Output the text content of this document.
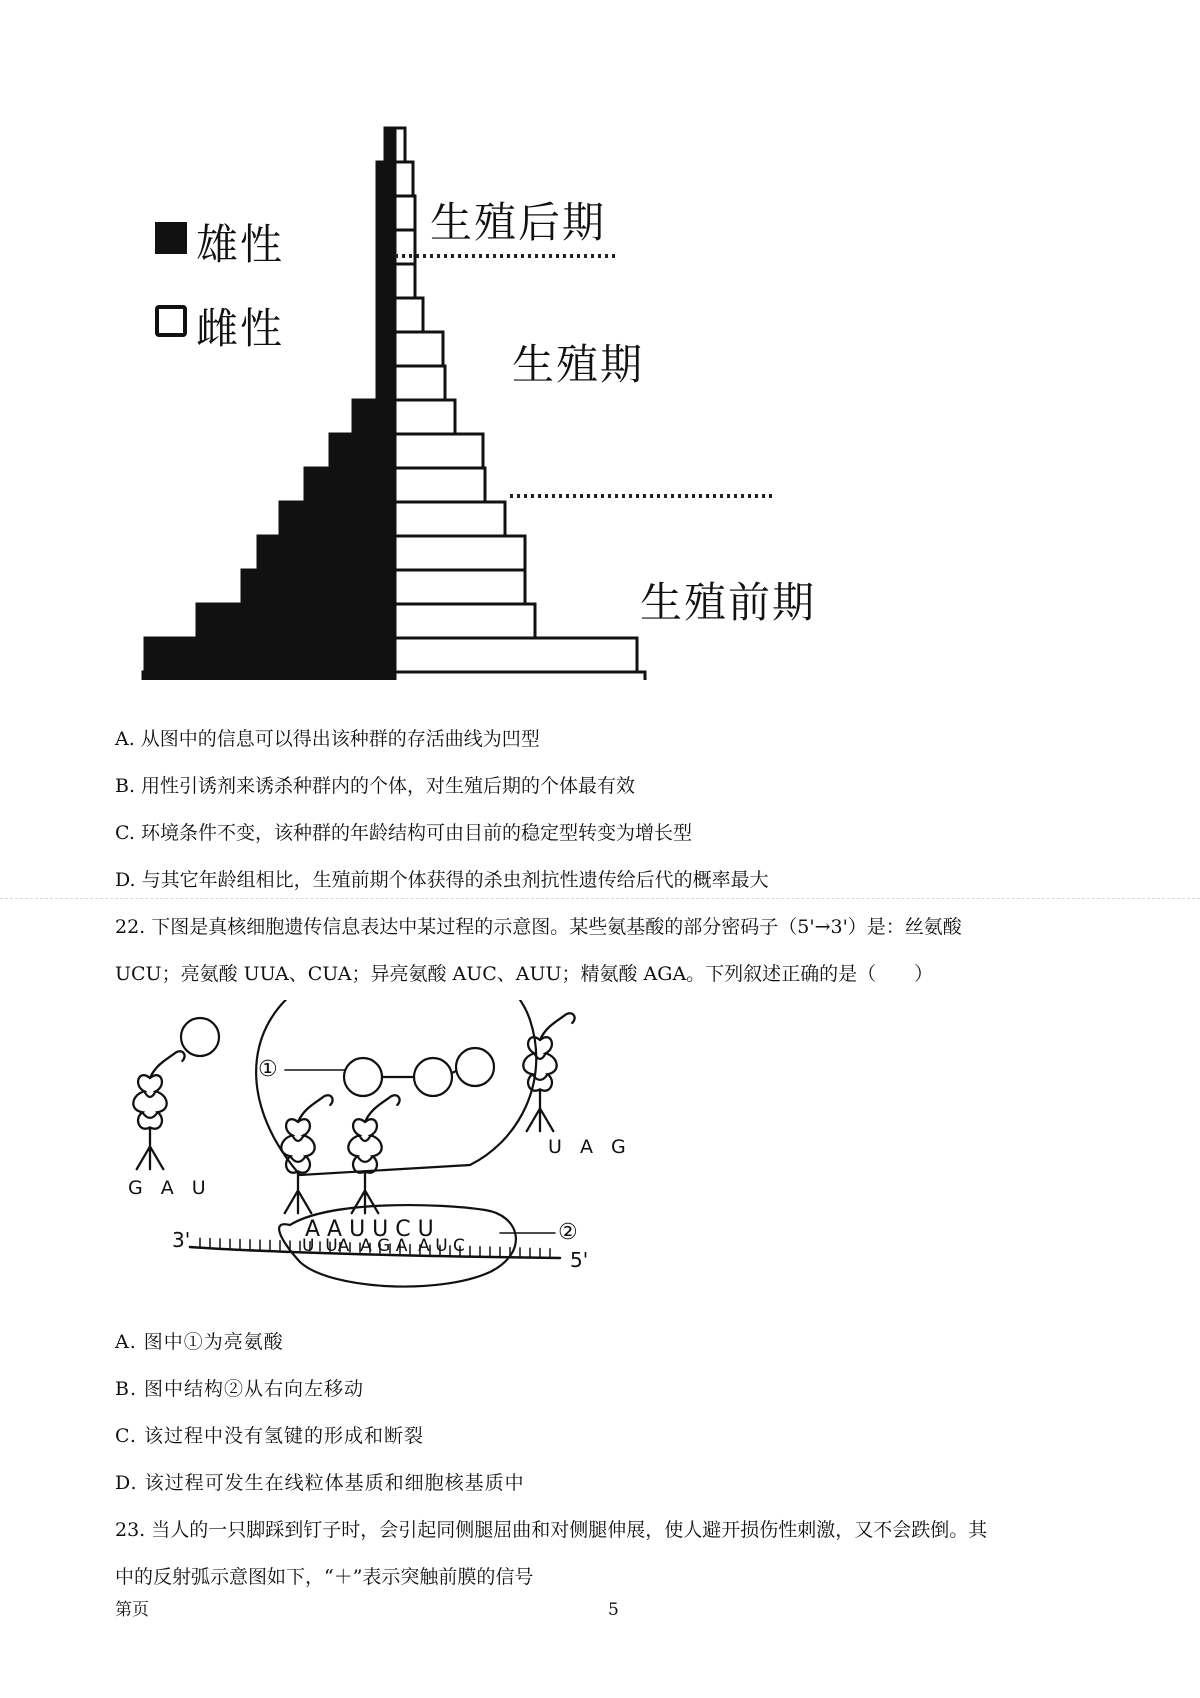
雄性
雌性
生殖后期
生殖期
生殖前期
A. 从图中的信息可以得出该种群的存活曲线为凹型
B. 用性引诱剂来诱杀种群内的个体，对生殖后期的个体最有效
C. 环境条件不变，该种群的年龄结构可由目前的稳定型转变为增长型
D. 与其它年龄组相比，生殖前期个体获得的杀虫剂抗性遗传给后代的概率最大
22. 下图是真核细胞遗传信息表达中某过程的示意图。某些氨基酸的部分密码子（5'→3'）是：丝氨酸
UCU；亮氨酸 UUA、CUA；异亮氨酸 AUC、AUU；精氨酸 AGA。下列叙述正确的是（　　）
①
②
G A U
U A G
A A U U C U
U  UA  A G A  A U C
3'
5'
A. 图中①为亮氨酸
B. 图中结构②从右向左移动
C. 该过程中没有氢键的形成和断裂
D. 该过程可发生在线粒体基质和细胞核基质中
23. 当人的一只脚踩到钉子时，会引起同侧腿屈曲和对侧腿伸展，使人避开损伤性刺激，又不会跌倒。其
中的反射弧示意图如下，“＋”表示突触前膜的信号
第页	5
